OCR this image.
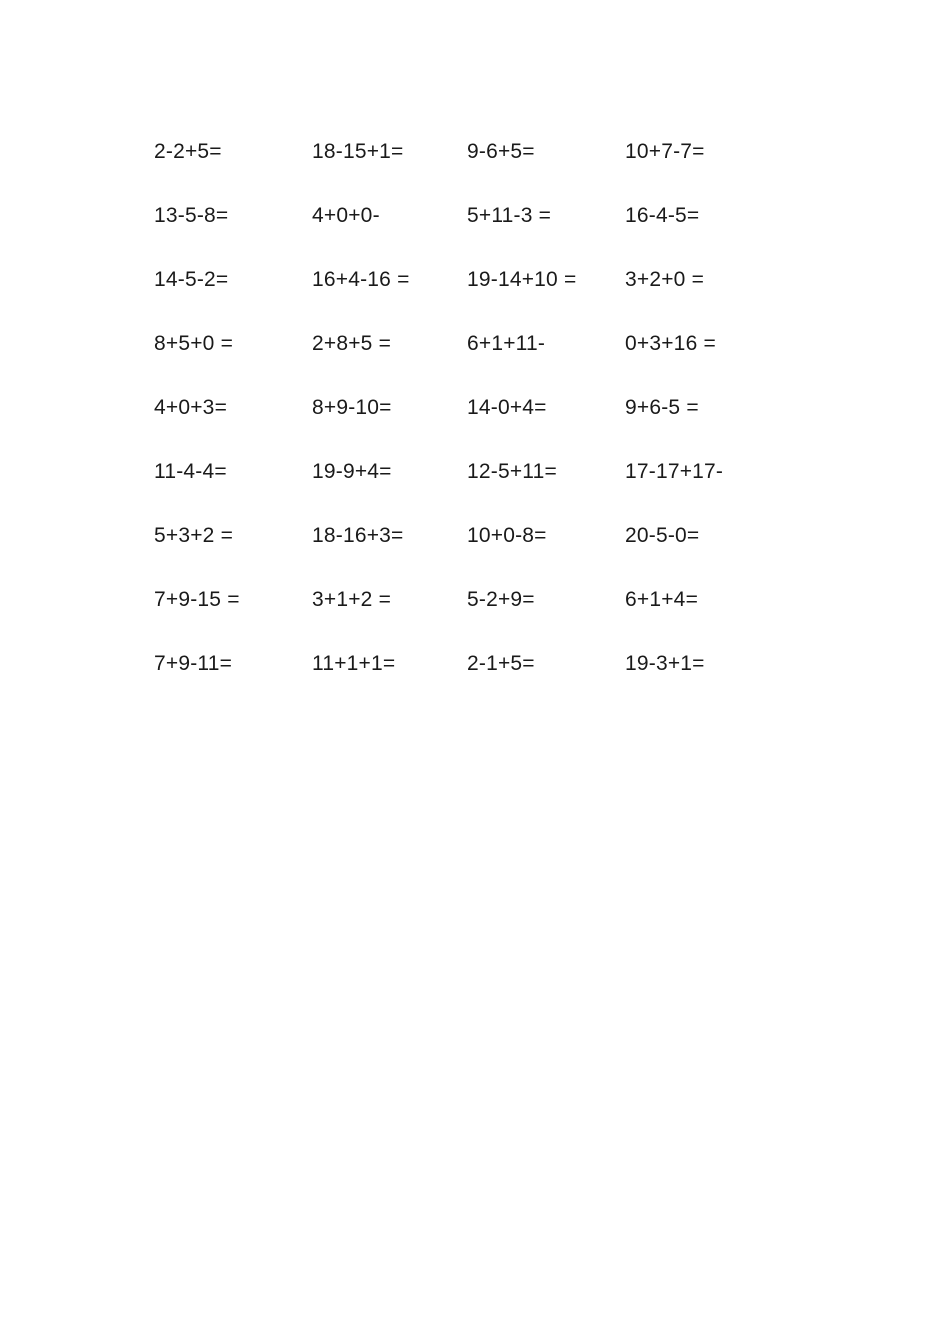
2-2+5=	18-15+1=	9-6+5=	10+7-7=
13-5-8=	4+0+0-	5+11-3 =	16-4-5=
14-5-2=	16+4-16 =	19-14+10 =	3+2+0 =
8+5+0 =	2+8+5 =	6+1+11-	0+3+16 =
4+0+3=	8+9-10=	14-0+4=	9+6-5 =
11-4-4=	19-9+4=	12-5+11=	17-17+17-
5+3+2 =	18-16+3=	10+0-8=	20-5-0=
7+9-15 =	3+1+2 =	5-2+9=	6+1+4=
7+9-11=	11+1+1=	2-1+5=	19-3+1=
